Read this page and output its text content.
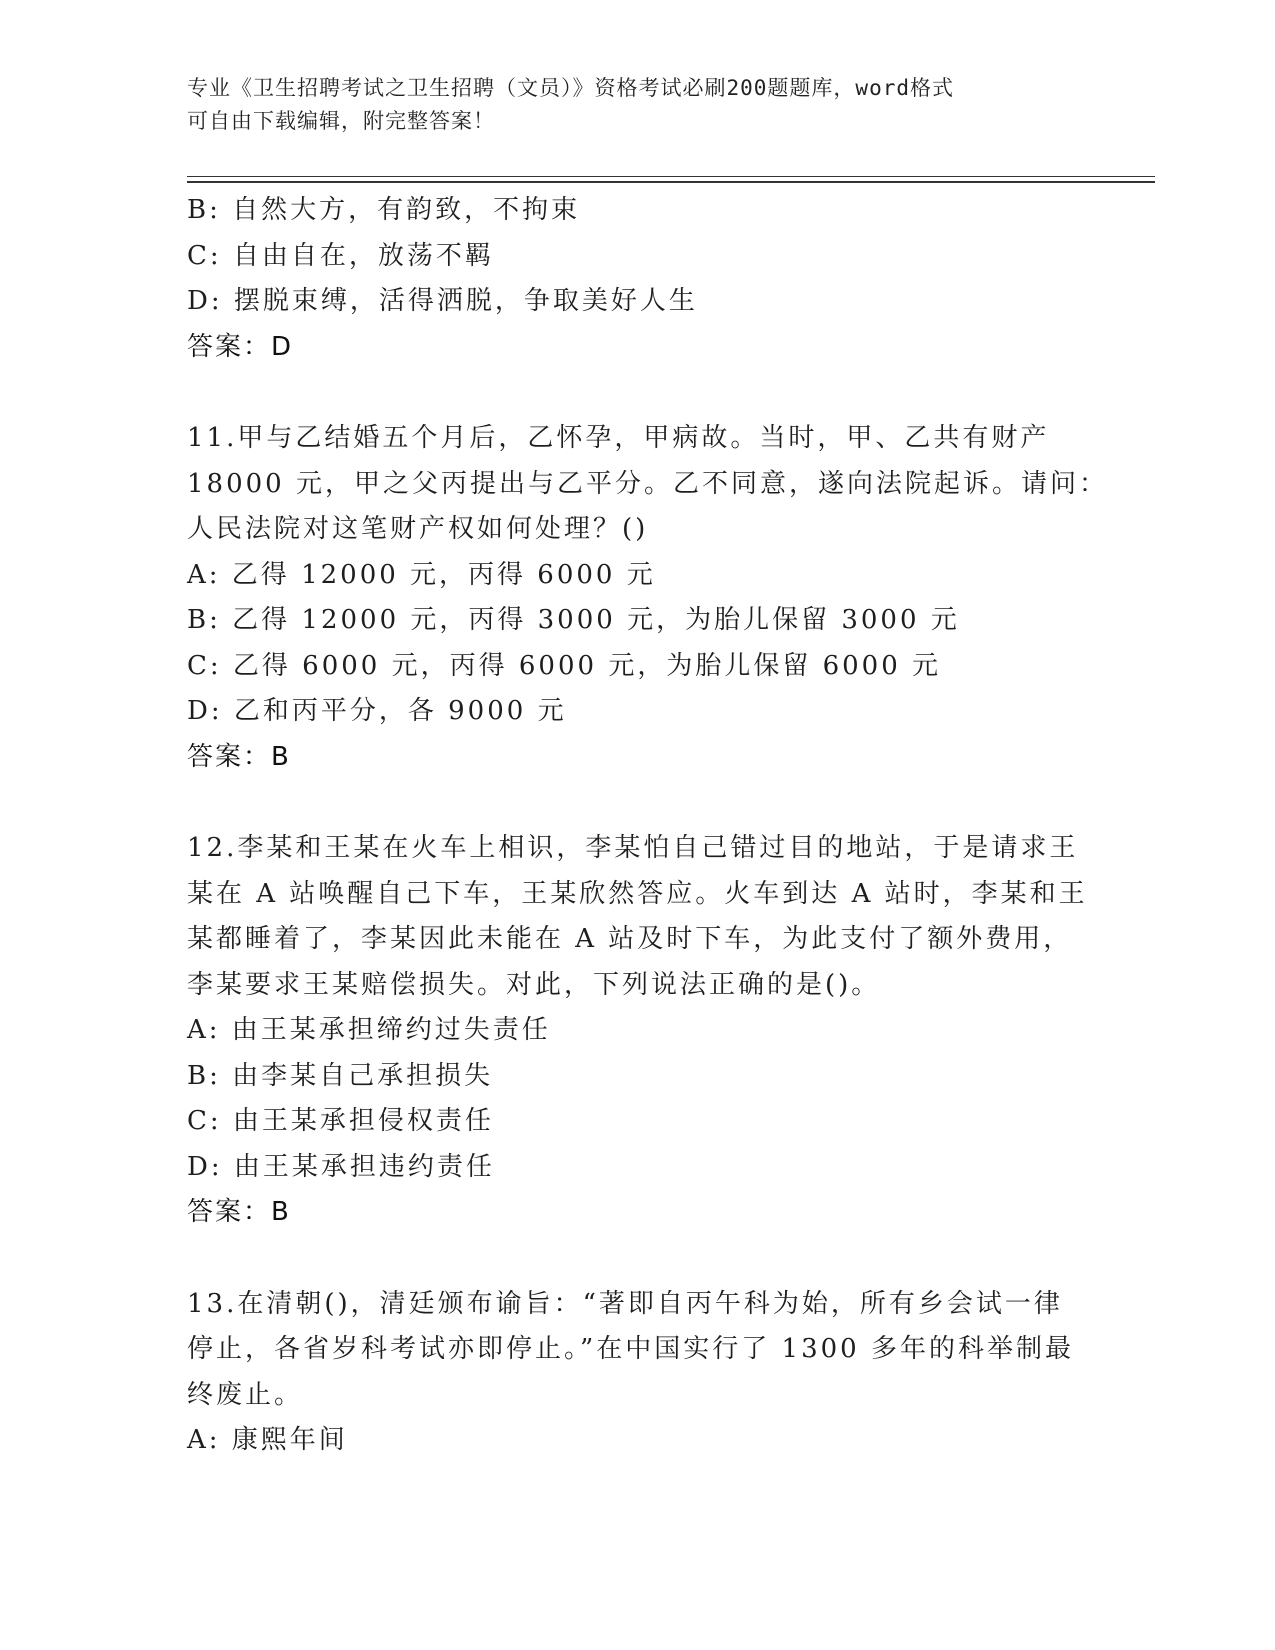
专业《卫生招聘考试之卫生招聘（文员）》资格考试必刷200题题库，word格式
可自由下载编辑，附完整答案！
B: 自然大方，有韵致，不拘束
C: 自由自在，放荡不羁
D: 摆脱束缚，活得洒脱，争取美好人生
答案：D
11.甲与乙结婚五个月后，乙怀孕，甲病故。当时，甲、乙共有财产
18000 元，甲之父丙提出与乙平分。乙不同意，遂向法院起诉。请问：
人民法院对这笔财产权如何处理？()
A: 乙得 12000 元，丙得 6000 元
B: 乙得 12000 元，丙得 3000 元，为胎儿保留 3000 元
C: 乙得 6000 元，丙得 6000 元，为胎儿保留 6000 元
D: 乙和丙平分，各 9000 元
答案：B
12.李某和王某在火车上相识，李某怕自己错过目的地站，于是请求王
某在 A 站唤醒自己下车，王某欣然答应。火车到达 A 站时，李某和王
某都睡着了，李某因此未能在 A 站及时下车，为此支付了额外费用，
李某要求王某赔偿损失。对此，下列说法正确的是()。
A: 由王某承担缔约过失责任
B: 由李某自己承担损失
C: 由王某承担侵权责任
D: 由王某承担违约责任
答案：B
13.在清朝()，清廷颁布谕旨：“著即自丙午科为始，所有乡会试一律
停止，各省岁科考试亦即停止。”在中国实行了 1300 多年的科举制最
终废止。
A: 康熙年间
